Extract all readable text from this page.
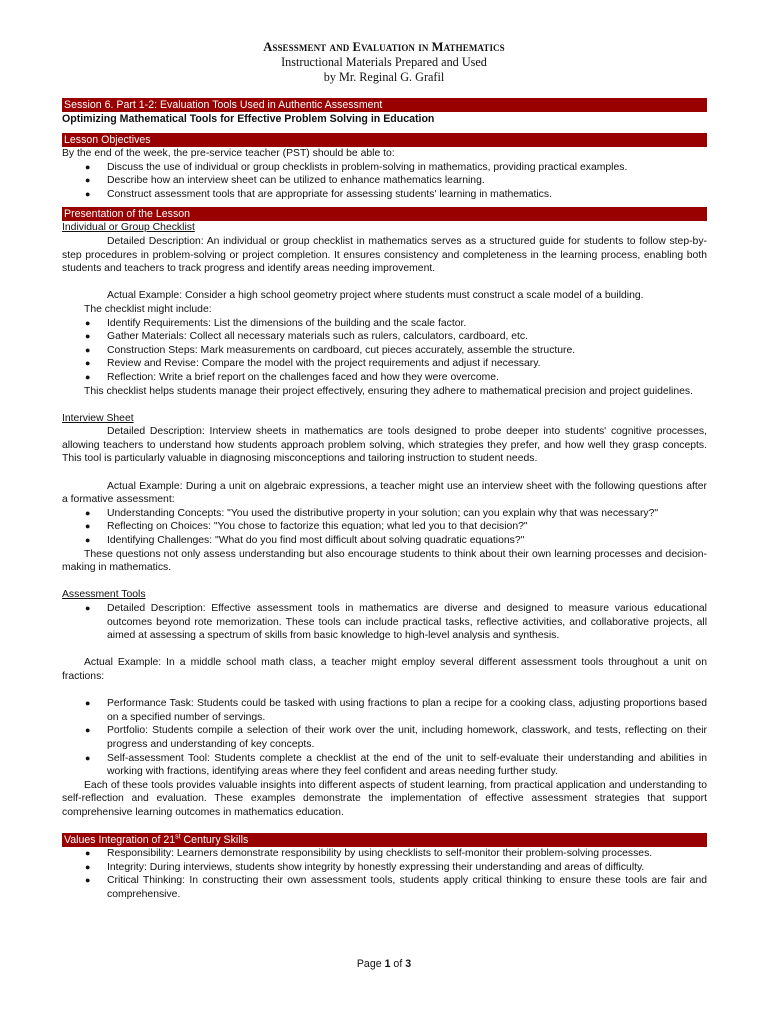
Assessment and Evaluation in Mathematics
Instructional Materials Prepared and Used
by Mr. Reginal G. Grafil
Session 6. Part 1-2: Evaluation Tools Used in Authentic Assessment
Optimizing Mathematical Tools for Effective Problem Solving in Education
Lesson Objectives

By the end of the week, the pre-service teacher (PST) should be able to:

● Discuss the use of individual or group checklists in problem-solving in mathematics, providing practical examples.
● Describe how an interview sheet can be utilized to enhance mathematics learning.
● Construct assessment tools that are appropriate for assessing students' learning in mathematics.
Presentation of the Lesson

Individual or Group Checklist

Detailed Description: An individual or group checklist in mathematics serves as a structured guide for students to follow step-by-step procedures in problem-solving or project completion. It ensures consistency and completeness in the learning process, enabling both students and teachers to track progress and identify areas needing improvement.

Actual Example: Consider a high school geometry project where students must construct a scale model of a building.

The checklist might include:

● Identify Requirements: List the dimensions of the building and the scale factor.
● Gather Materials: Collect all necessary materials such as rulers, calculators, cardboard, etc.
● Construction Steps: Mark measurements on cardboard, cut pieces accurately, assemble the structure.
● Review and Revise: Compare the model with the project requirements and adjust if necessary.
● Reflection: Write a brief report on the challenges faced and how they were overcome.

This checklist helps students manage their project effectively, ensuring they adhere to mathematical precision and project guidelines.

Interview Sheet

Detailed Description: Interview sheets in mathematics are tools designed to probe deeper into students' cognitive processes, allowing teachers to understand how students approach problem solving, which strategies they prefer, and how well they grasp concepts. This tool is particularly valuable in diagnosing misconceptions and tailoring instruction to student needs.

Actual Example: During a unit on algebraic expressions, a teacher might use an interview sheet with the following questions after a formative assessment:

● Understanding Concepts: "You used the distributive property in your solution; can you explain why that was necessary?"
● Reflecting on Choices: "You chose to factorize this equation; what led you to that decision?"
● Identifying Challenges: "What do you find most difficult about solving quadratic equations?"

These questions not only assess understanding but also encourage students to think about their own learning processes and decision-making in mathematics.

Assessment Tools

● Detailed Description: Effective assessment tools in mathematics are diverse and designed to measure various educational outcomes beyond rote memorization. These tools can include practical tasks, reflective activities, and collaborative projects, all aimed at assessing a spectrum of skills from basic knowledge to high-level analysis and synthesis.

Actual Example: In a middle school math class, a teacher might employ several different assessment tools throughout a unit on fractions:

● Performance Task: Students could be tasked with using fractions to plan a recipe for a cooking class, adjusting proportions based on a specified number of servings.
● Portfolio: Students compile a selection of their work over the unit, including homework, classwork, and tests, reflecting on their progress and understanding of key concepts.
● Self-assessment Tool: Students complete a checklist at the end of the unit to self-evaluate their understanding and abilities in working with fractions, identifying areas where they feel confident and areas needing further study.

Each of these tools provides valuable insights into different aspects of student learning, from practical application and understanding to self-reflection and evaluation. These examples demonstrate the implementation of effective assessment strategies that support comprehensive learning outcomes in mathematics education.

Values Integration of 21st Century Skills
● Responsibility: Learners demonstrate responsibility by using checklists to self-monitor their problem-solving processes.
● Integrity: During interviews, students show integrity by honestly expressing their understanding and areas of difficulty.
● Critical Thinking: In constructing their own assessment tools, students apply critical thinking to ensure these tools are fair and comprehensive.
Page 1 of 3
